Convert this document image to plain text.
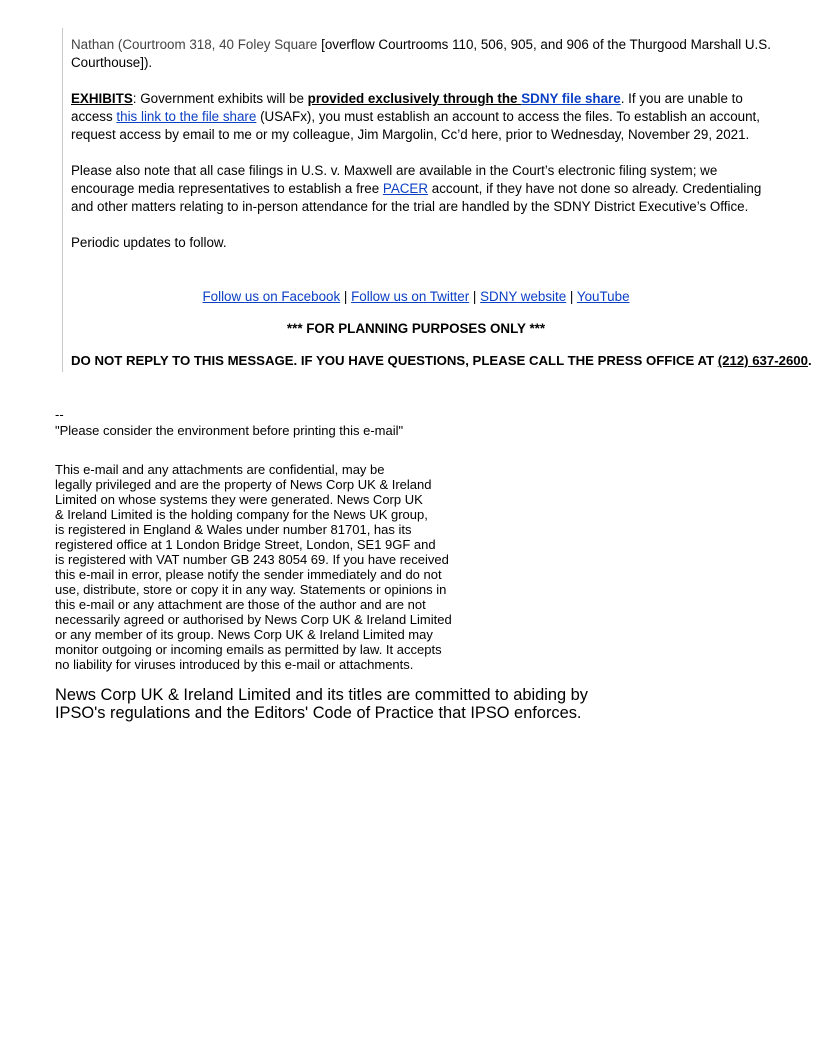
Nathan (Courtroom 318, 40 Foley Square [overflow Courtrooms 110, 506, 905, and 906 of the Thurgood Marshall U.S. Courthouse]).

EXHIBITS: Government exhibits will be provided exclusively through the SDNY file share. If you are unable to access this link to the file share (USAFx), you must establish an account to access the files. To establish an account, request access by email to me or my colleague, Jim Margolin, Cc’d here, prior to Wednesday, November 29, 2021.

Please also note that all case filings in U.S. v. Maxwell are available in the Court’s electronic filing system; we encourage media representatives to establish a free PACER account, if they have not done so already. Credentialing and other matters relating to in-person attendance for the trial are handled by the SDNY District Executive’s Office.

Periodic updates to follow.

Follow us on Facebook | Follow us on Twitter | SDNY website | YouTube

*** FOR PLANNING PURPOSES ONLY ***

DO NOT REPLY TO THIS MESSAGE. IF YOU HAVE QUESTIONS, PLEASE CALL THE PRESS OFFICE AT (212) 637-2600.

--
"Please consider the environment before printing this e-mail"
This e-mail and any attachments are confidential, may be
legally privileged and are the property of News Corp UK & Ireland
Limited on whose systems they were generated. News Corp UK
& Ireland Limited is the holding company for the News UK group,
is registered in England & Wales under number 81701, has its
registered office at 1 London Bridge Street, London, SE1 9GF and
is registered with VAT number GB 243 8054 69. If you have received
this e-mail in error, please notify the sender immediately and do not
use, distribute, store or copy it in any way. Statements or opinions in
this e-mail or any attachment are those of the author and are not
necessarily agreed or authorised by News Corp UK & Ireland Limited
or any member of its group. News Corp UK & Ireland Limited may
monitor outgoing or incoming emails as permitted by law. It accepts
no liability for viruses introduced by this e-mail or attachments.
News Corp UK & Ireland Limited and its titles are committed to abiding by
IPSO's regulations and the Editors' Code of Practice that IPSO enforces.
